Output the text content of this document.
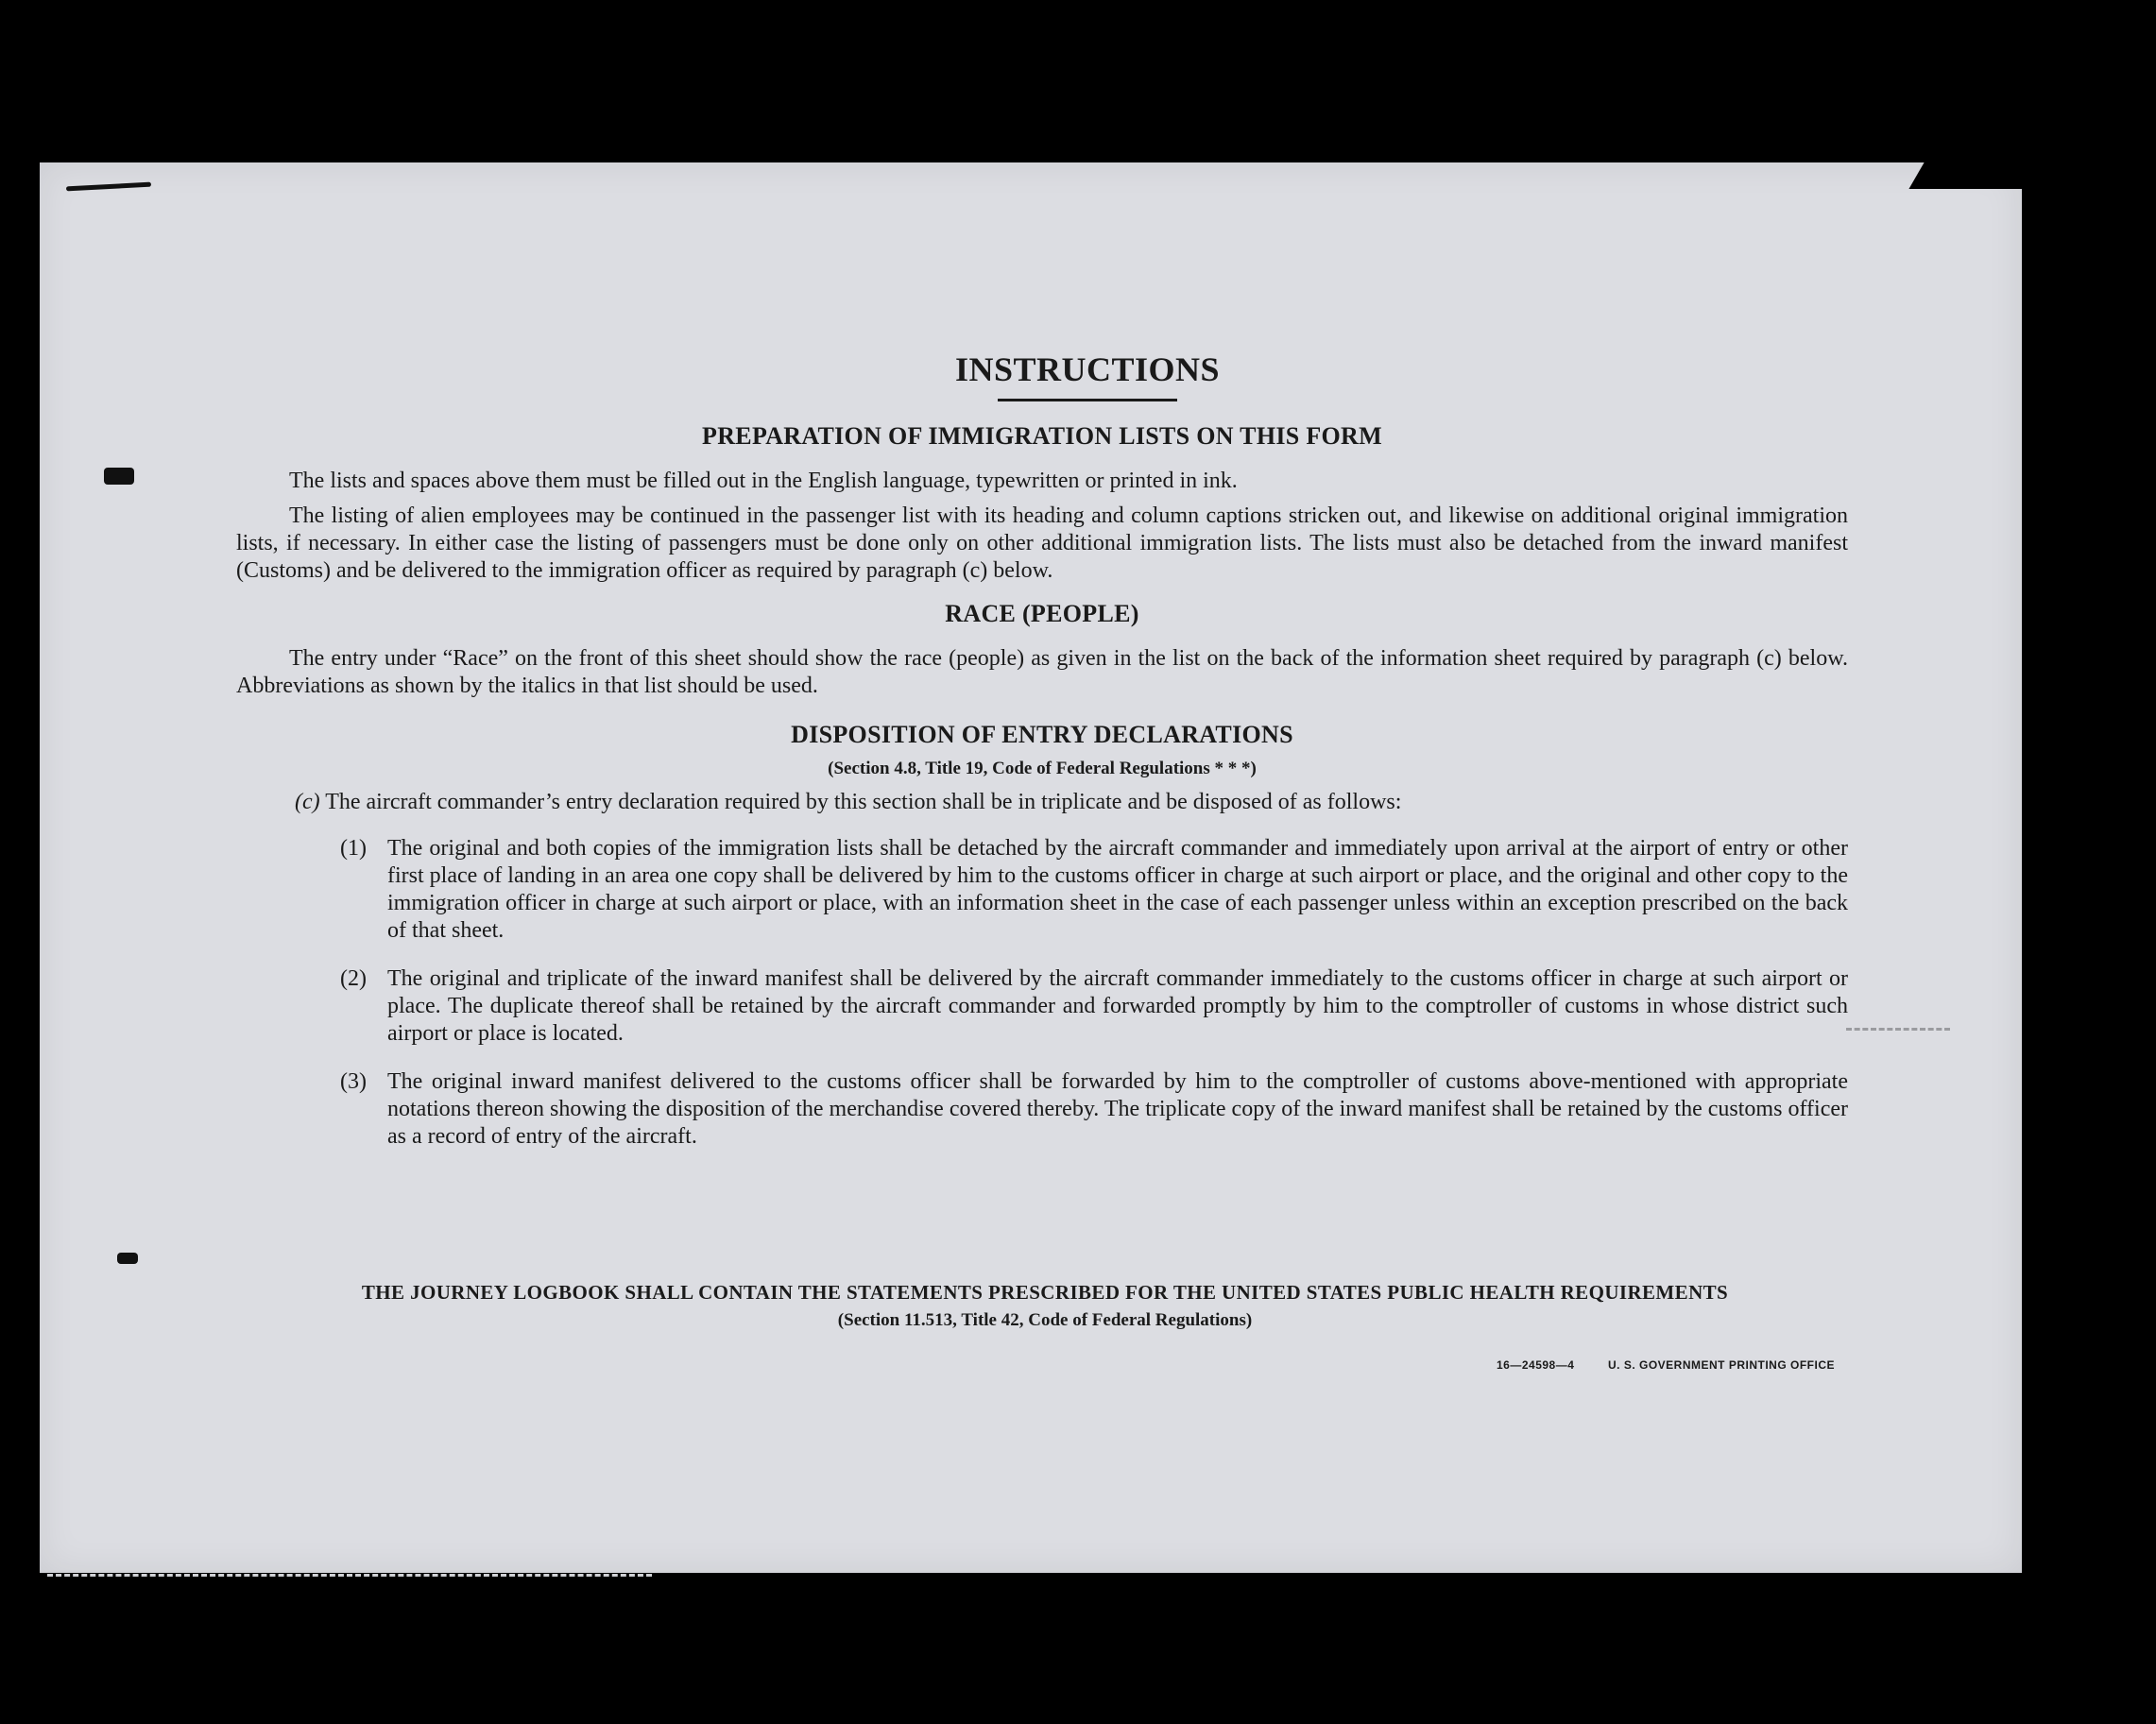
INSTRUCTIONS
PREPARATION OF IMMIGRATION LISTS ON THIS FORM

The lists and spaces above them must be filled out in the English language, typewritten or printed in ink.

The listing of alien employees may be continued in the passenger list with its heading and column captions stricken out, and likewise on additional original immigration lists, if necessary. In either case the listing of passengers must be done only on other additional immigration lists. The lists must also be detached from the inward manifest (Customs) and be delivered to the immigration officer as required by paragraph (c) below.

RACE (PEOPLE)

The entry under “Race” on the front of this sheet should show the race (people) as given in the list on the back of the information sheet required by paragraph (c) below. Abbreviations as shown by the italics in that list should be used.

DISPOSITION OF ENTRY DECLARATIONS
(Section 4.8, Title 19, Code of Federal Regulations * * *)

(c) The aircraft commander’s entry declaration required by this section shall be in triplicate and be disposed of as follows:

(1) The original and both copies of the immigration lists shall be detached by the aircraft commander and immediately upon arrival at the airport of entry or other first place of landing in an area one copy shall be delivered by him to the customs officer in charge at such airport or place, and the original and other copy to the immigration officer in charge at such airport or place, with an information sheet in the case of each passenger unless within an exception prescribed on the back of that sheet.
(2) The original and triplicate of the inward manifest shall be delivered by the aircraft commander immediately to the customs officer in charge at such airport or place. The duplicate thereof shall be retained by the aircraft commander and forwarded promptly by him to the comptroller of customs in whose district such airport or place is located.
(3) The original inward manifest delivered to the customs officer shall be forwarded by him to the comptroller of customs above-mentioned with appropriate notations thereon showing the disposition of the merchandise covered thereby. The triplicate copy of the inward manifest shall be retained by the customs officer as a record of entry of the aircraft.
THE JOURNEY LOGBOOK SHALL CONTAIN THE STATEMENTS PRESCRIBED FOR THE UNITED STATES PUBLIC HEALTH REQUIREMENTS
(Section 11.513, Title 42, Code of Federal Regulations)
16—24598—4	U. S. GOVERNMENT PRINTING OFFICE
